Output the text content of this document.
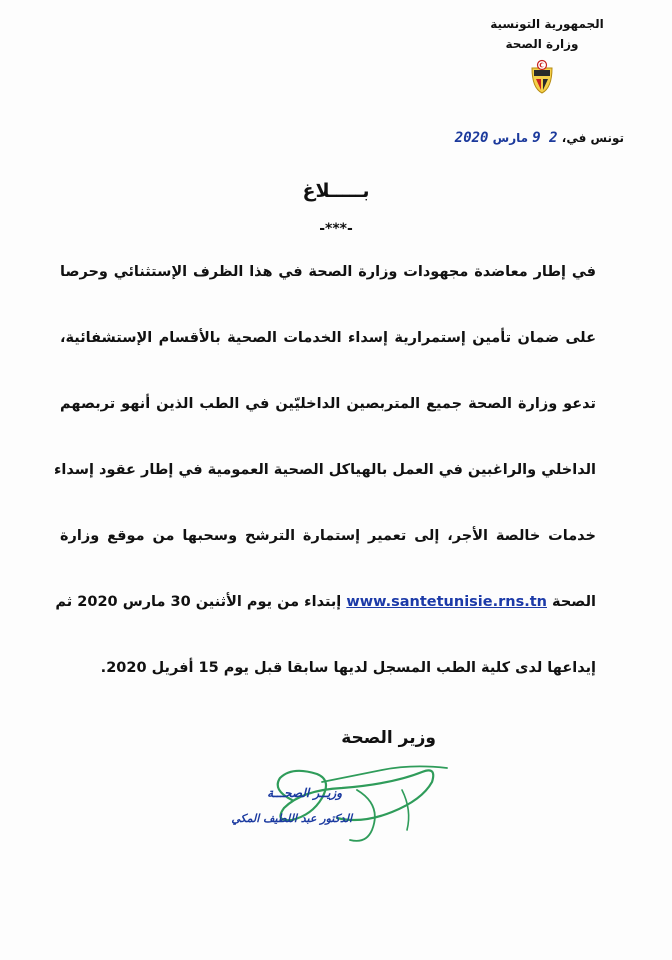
الجمهورية التونسية

وزارة الصحة

تونس في، 2 9 مارس 2020
بـــــلاغ

-***-

في إطار معاضدة مجهودات وزارة الصحة في هذا الظرف الإستثنائي وحرصا
على ضمان تأمين إستمرارية إسداء الخدمات الصحية بالأقسام الإستشفائية،
تدعو وزارة الصحة جميع المتربصين الداخليّين في الطب الذين أنهو تربصهم
الداخلي والراغبين في العمل بالهياكل الصحية العمومية في إطار عقود إسداء
خدمات خالصة الأجر، إلى تعمير إستمارة الترشح وسحبها من موقع وزارة
الصحة www.santetunisie.rns.tn إبتداء من يوم الأثنين 30 مارس 2020 ثم
إيداعها لدى كلية الطب المسجل لديها سابقا قبل يوم 15 أفريل 2020.

وزير الصحة

وزيــر الصحـــة

الدكتور عبد اللطيف المكي
